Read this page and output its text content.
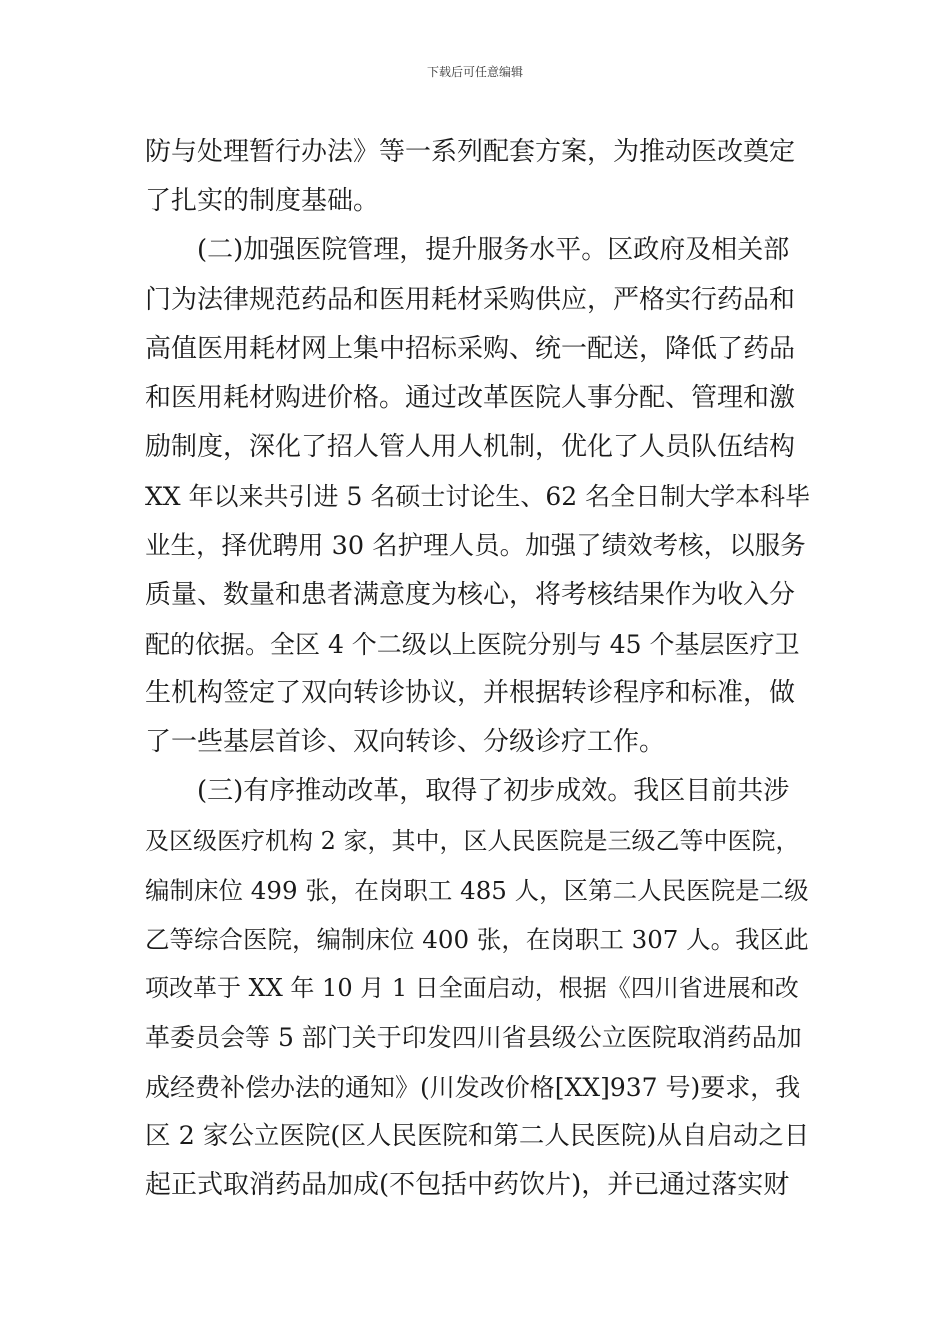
下载后可任意编辑
防与处理暂行办法》等一系列配套方案，为推动医改奠定
了扎实的制度基础。
(二)加强医院管理，提升服务水平。区政府及相关部
门为法律规范药品和医用耗材采购供应，严格实行药品和
高值医用耗材网上集中招标采购、统一配送，降低了药品
和医用耗材购进价格。通过改革医院人事分配、管理和激
励制度，深化了招人管人用人机制，优化了人员队伍结构
XX 年以来共引进 5 名硕士讨论生、62 名全日制大学本科毕
业生，择优聘用 30 名护理人员。加强了绩效考核，以服务
质量、数量和患者满意度为核心，将考核结果作为收入分
配的依据。全区 4 个二级以上医院分别与 45 个基层医疗卫
生机构签定了双向转诊协议，并根据转诊程序和标准，做
了一些基层首诊、双向转诊、分级诊疗工作。
(三)有序推动改革，取得了初步成效。我区目前共涉
及区级医疗机构 2 家，其中，区人民医院是三级乙等中医院，
编制床位 499 张，在岗职工 485 人，区第二人民医院是二级
乙等综合医院，编制床位 400 张，在岗职工 307 人。我区此
项改革于 XX 年 10 月 1 日全面启动，根据《四川省进展和改
革委员会等 5 部门关于印发四川省县级公立医院取消药品加
成经费补偿办法的通知》(川发改价格[XX]937 号)要求，我
区 2 家公立医院(区人民医院和第二人民医院)从自启动之日
起正式取消药品加成(不包括中药饮片)，并已通过落实财
